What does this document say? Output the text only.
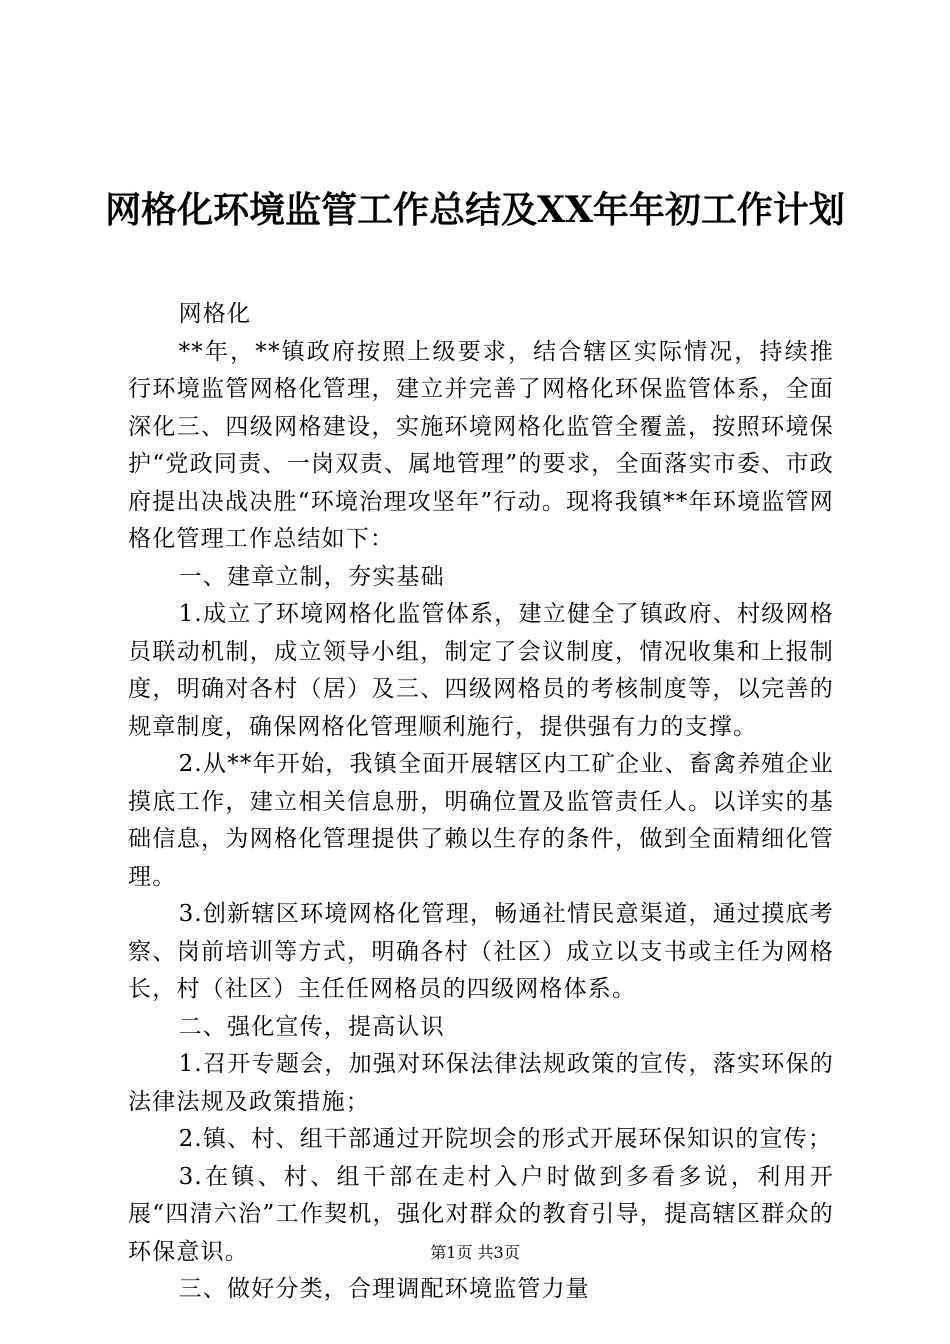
网格化环境监管工作总结及XX年年初工作计划

网格化

**年，**镇政府按照上级要求，结合辖区实际情况，持续推行环境监管网格化管理，建立并完善了网格化环保监管体系，全面深化三、四级网格建设，实施环境网格化监管全覆盖，按照环境保护“党政同责、一岗双责、属地管理”的要求，全面落实市委、市政府提出决战决胜“环境治理攻坚年”行动。现将我镇**年环境监管网格化管理工作总结如下：

一、建章立制，夯实基础

1.成立了环境网格化监管体系，建立健全了镇政府、村级网格员联动机制，成立领导小组，制定了会议制度，情况收集和上报制度，明确对各村（居）及三、四级网格员的考核制度等，以完善的规章制度，确保网格化管理顺利施行，提供强有力的支撑。

2.从**年开始，我镇全面开展辖区内工矿企业、畜禽养殖企业摸底工作，建立相关信息册，明确位置及监管责任人。以详实的基础信息，为网格化管理提供了赖以生存的条件，做到全面精细化管理。

3.创新辖区环境网格化管理，畅通社情民意渠道，通过摸底考察、岗前培训等方式，明确各村（社区）成立以支书或主任为网格长，村（社区）主任任网格员的四级网格体系。

二、强化宣传，提高认识

1.召开专题会，加强对环保法律法规政策的宣传，落实环保的法律法规及政策措施；

2.镇、村、组干部通过开院坝会的形式开展环保知识的宣传；

3.在镇、村、组干部在走村入户时做到多看多说，利用开展“四清六治”工作契机，强化对群众的教育引导，提高辖区群众的环保意识。

三、做好分类，合理调配环境监管力量

第1页 共3页
